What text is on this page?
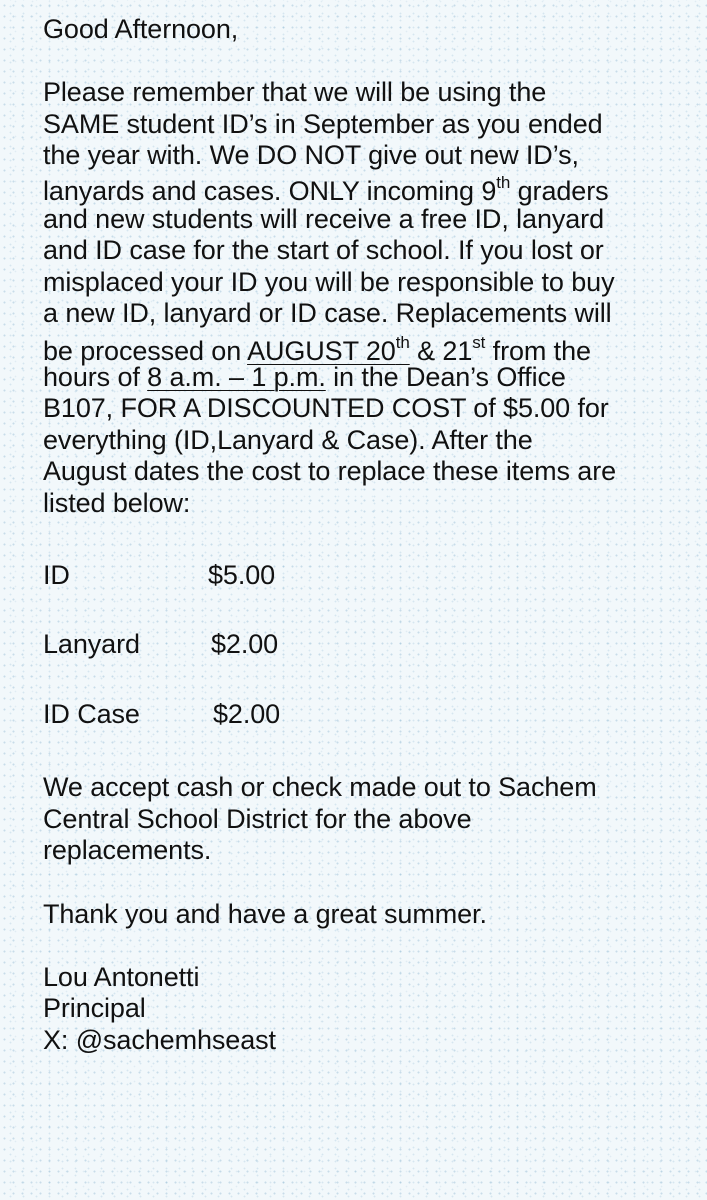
Good Afternoon,

Please remember that we will be using the
SAME student ID’s in September as you ended
the year with. We DO NOT give out new ID’s,
lanyards and cases. ONLY incoming 9th graders
and new students will receive a free ID, lanyard
and ID case for the start of school. If you lost or
misplaced your ID you will be responsible to buy
a new ID, lanyard or ID case. Replacements will
be processed on AUGUST 20th & 21st from the
hours of 8 a.m. – 1 p.m. in the Dean’s Office
B107, FOR A DISCOUNTED COST of $5.00 for
everything (ID,Lanyard & Case). After the
August dates the cost to replace these items are
listed below:

ID	$5.00
Lanyard	$2.00
ID Case	$2.00

We accept cash or check made out to Sachem
Central School District for the above
replacements.

Thank you and have a great summer.

Lou Antonetti
Principal
X: @sachemhseast
